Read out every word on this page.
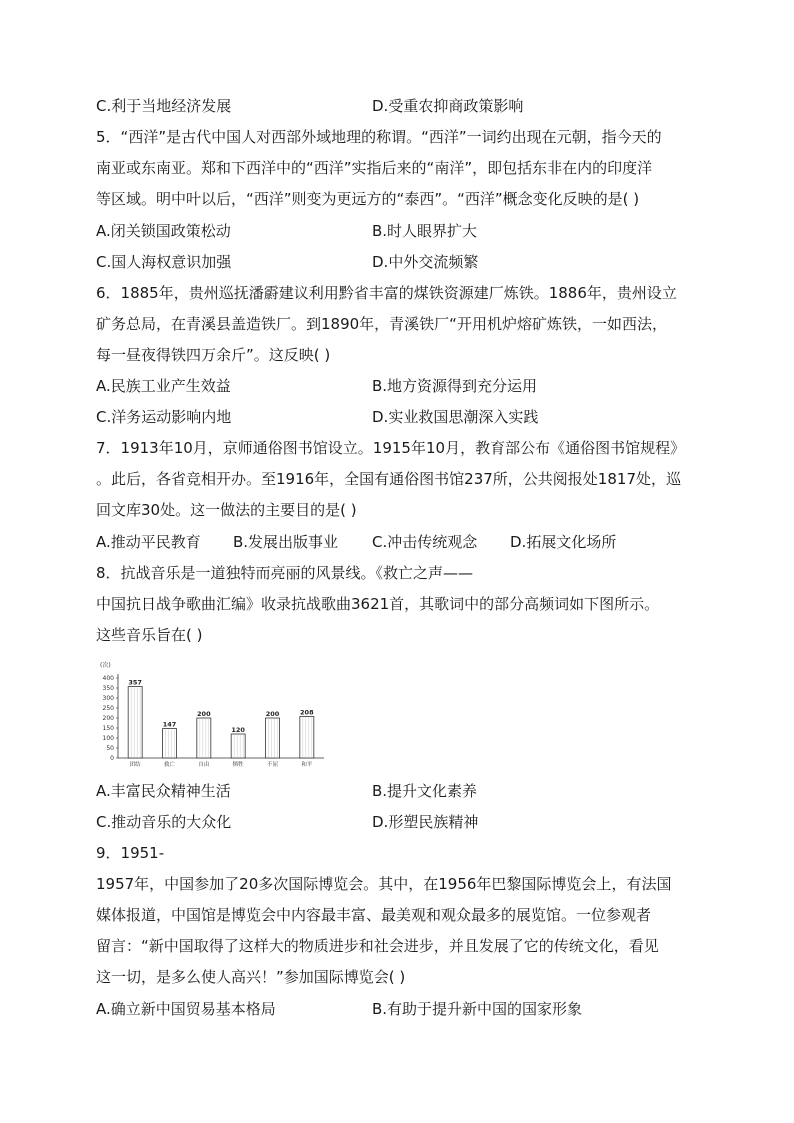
C.利于当地经济发展	D.受重农抑商政策影响
5．“西洋”是古代中国人对西部外域地理的称谓。“西洋”一词约出现在元朝，指今天的
南亚或东南亚。郑和下西洋中的“西洋”实指后来的“南洋”，即包括东非在内的印度洋
等区域。明中叶以后，“西洋”则变为更远方的“泰西”。“西洋”概念变化反映的是( )
A.闭关锁国政策松动	B.时人眼界扩大
C.国人海权意识加强	D.中外交流频繁
6．1885年，贵州巡抚潘霨建议利用黔省丰富的煤铁资源建厂炼铁。1886年，贵州设立
矿务总局，在青溪县盖造铁厂。到1890年，青溪铁厂“开用机炉熔矿炼铁，一如西法，
每一昼夜得铁四万余斤”。这反映( )
A.民族工业产生效益	B.地方资源得到充分运用
C.洋务运动影响内地	D.实业救国思潮深入实践
7．1913年10月，京师通俗图书馆设立。1915年10月，教育部公布《通俗图书馆规程》
。此后，各省竞相开办。至1916年，全国有通俗图书馆237所，公共阅报处1817处，巡
回文库30处。这一做法的主要目的是( )
A.推动平民教育 B.发展出版事业 C.冲击传统观念 D.拓展文化场所
8．抗战音乐是一道独特而亮丽的风景线。《救亡之声——
中国抗日战争歌曲汇编》收录抗战歌曲3621首，其歌词中的部分高频词如下图所示。
这些音乐旨在( )
(次)
0
50
100
150
200
250
300
350
400
357
团结
147
救亡
200
自由
120
牺牲
200
不屈
208
和平
A.丰富民众精神生活	B.提升文化素养
C.推动音乐的大众化	D.形塑民族精神
9．1951-
1957年，中国参加了20多次国际博览会。其中，在1956年巴黎国际博览会上，有法国
媒体报道，中国馆是博览会中内容最丰富、最美观和观众最多的展览馆。一位参观者
留言：“新中国取得了这样大的物质进步和社会进步，并且发展了它的传统文化，看见
这一切，是多么使人高兴！”参加国际博览会( )
A.确立新中国贸易基本格局	B.有助于提升新中国的国家形象
